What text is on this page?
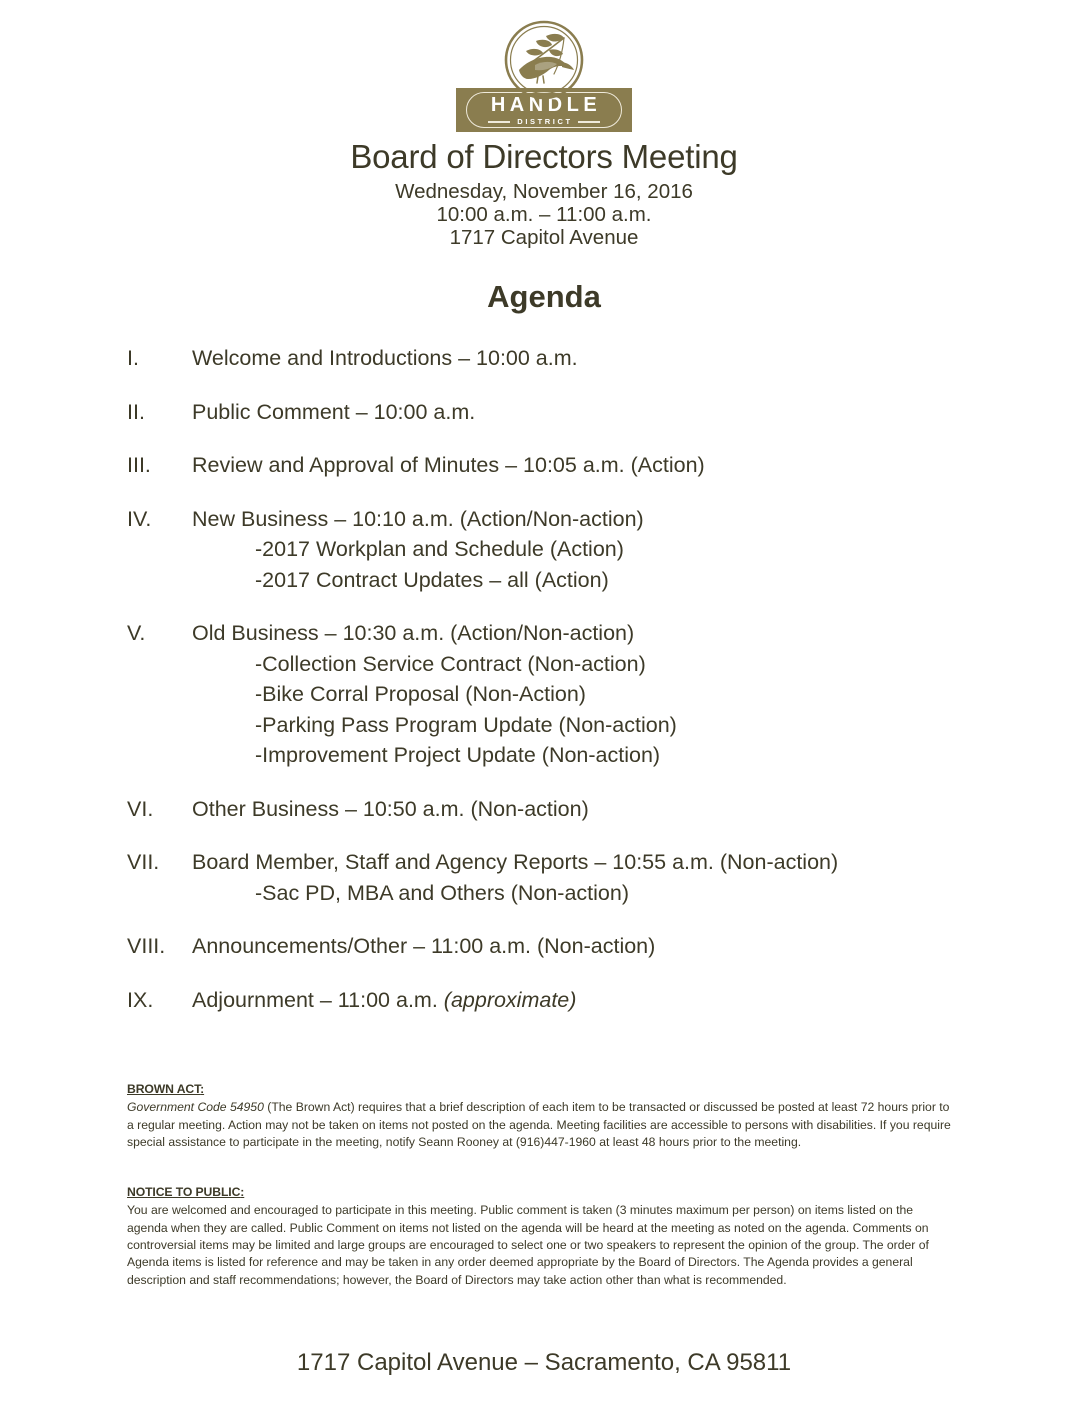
HANDLE
DISTRICT
Board of Directors Meeting
Wednesday, November 16, 2016
10:00 a.m. – 11:00 a.m.
1717 Capitol Avenue
Agenda
I.	Welcome and Introductions – 10:00 a.m.
II.	Public Comment – 10:00 a.m.
III.	Review and Approval of Minutes – 10:05 a.m. (Action)
IV.	New Business – 10:10 a.m. (Action/Non-action)
-2017 Workplan and Schedule (Action)
-2017 Contract Updates – all (Action)
V.	Old Business – 10:30 a.m. (Action/Non-action)
-Collection Service Contract (Non-action)
-Bike Corral Proposal (Non-Action)
-Parking Pass Program Update (Non-action)
-Improvement Project Update (Non-action)
VI.	Other Business – 10:50 a.m. (Non-action)
VII.	Board Member, Staff and Agency Reports – 10:55 a.m. (Non-action)
-Sac PD, MBA and Others (Non-action)
VIII.	Announcements/Other – 11:00 a.m. (Non-action)
IX.	Adjournment – 11:00 a.m. (approximate)
BROWN ACT:
Government Code 54950 (The Brown Act) requires that a brief description of each item to be transacted or discussed be posted at least 72 hours prior to a regular meeting. Action may not be taken on items not posted on the agenda. Meeting facilities are accessible to persons with disabilities. If you require special assistance to participate in the meeting, notify Seann Rooney at (916)447-1960 at least 48 hours prior to the meeting.
NOTICE TO PUBLIC:
You are welcomed and encouraged to participate in this meeting. Public comment is taken (3 minutes maximum per person) on items listed on the agenda when they are called. Public Comment on items not listed on the agenda will be heard at the meeting as noted on the agenda. Comments on controversial items may be limited and large groups are encouraged to select one or two speakers to represent the opinion of the group. The order of Agenda items is listed for reference and may be taken in any order deemed appropriate by the Board of Directors. The Agenda provides a general description and staff recommendations; however, the Board of Directors may take action other than what is recommended.
1717 Capitol Avenue – Sacramento, CA 95811
